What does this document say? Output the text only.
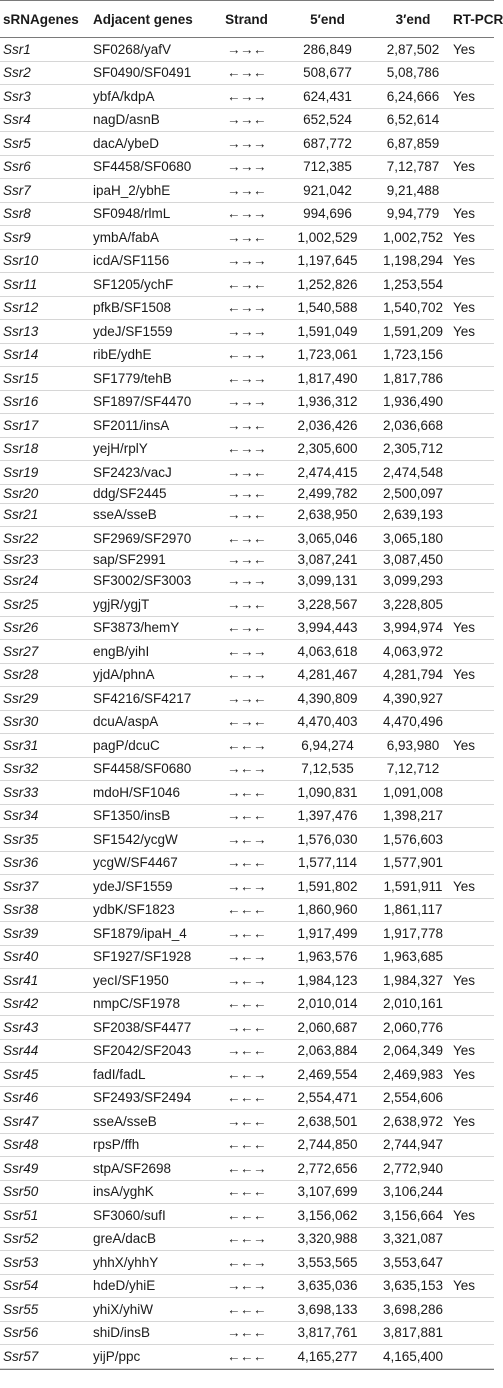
sRNAgenes	Adjacent genes	Strand	5′end	3′end	RT-PCR
Ssr1	SF0268/yafV	→→←	286,849	2,87,502	Yes
Ssr2	SF0490/SF0491	←→←	508,677	5,08,786
Ssr3	ybfA/kdpA	←→→	624,431	6,24,666	Yes
Ssr4	nagD/asnB	→→←	652,524	6,52,614
Ssr5	dacA/ybeD	→→→	687,772	6,87,859
Ssr6	SF4458/SF0680	→→→	712,385	7,12,787	Yes
Ssr7	ipaH_2/ybhE	→→←	921,042	9,21,488
Ssr8	SF0948/rlmL	←→→	994,696	9,94,779	Yes
Ssr9	ymbA/fabA	→→←	1,002,529	1,002,752 Yes
Ssr10	icdA/SF1156	→→→	1,197,645	1,198,294 Yes
Ssr11	SF1205/ychF	←→←	1,252,826	1,253,554
Ssr12	pfkB/SF1508	←→→	1,540,588	1,540,702 Yes
Ssr13	ydeJ/SF1559	→→→	1,591,049	1,591,209 Yes
Ssr14	ribE/ydhE	←→→	1,723,061	1,723,156
Ssr15	SF1779/tehB	←→→	1,817,490	1,817,786
Ssr16	SF1897/SF4470	→→→	1,936,312	1,936,490
Ssr17	SF2011/insA	→→←	2,036,426	2,036,668
Ssr18	yejH/rplY	←→→	2,305,600	2,305,712
Ssr19	SF2423/vacJ	→→←	2,474,415	2,474,548
Ssr20	ddg/SF2445	→→←	2,499,782	2,500,097
Ssr21	sseA/sseB	→→←	2,638,950	2,639,193
Ssr22	SF2969/SF2970	←→←	3,065,046	3,065,180
Ssr23	sap/SF2991	→→←	3,087,241	3,087,450
Ssr24	SF3002/SF3003	→→→	3,099,131	3,099,293
Ssr25	ygjR/ygjT	→→←	3,228,567	3,228,805
Ssr26	SF3873/hemY	←→←	3,994,443	3,994,974 Yes
Ssr27	engB/yihI	←→→	4,063,618	4,063,972
Ssr28	yjdA/phnA	←→→	4,281,467	4,281,794 Yes
Ssr29	SF4216/SF4217	→→←	4,390,809	4,390,927
Ssr30	dcuA/aspA	←→←	4,470,403	4,470,496
Ssr31	pagP/dcuC	←←→	6,94,274	6,93,980	Yes
Ssr32	SF4458/SF0680	→←→	7,12,535	7,12,712
Ssr33	mdoH/SF1046	→←←	1,090,831	1,091,008
Ssr34	SF1350/insB	→←←	1,397,476	1,398,217
Ssr35	SF1542/ycgW	→←→	1,576,030	1,576,603
Ssr36	ycgW/SF4467	→←←	1,577,114	1,577,901
Ssr37	ydeJ/SF1559	→←→	1,591,802	1,591,911 Yes
Ssr38	ydbK/SF1823	←←←	1,860,960	1,861,117
Ssr39	SF1879/ipaH_4	→←←	1,917,499	1,917,778
Ssr40	SF1927/SF1928	→←→	1,963,576	1,963,685
Ssr41	yecI/SF1950	→←→	1,984,123	1,984,327 Yes
Ssr42	nmpC/SF1978	←←←	2,010,014	2,010,161
Ssr43	SF2038/SF4477	→←←	2,060,687	2,060,776
Ssr44	SF2042/SF2043	→←←	2,063,884	2,064,349 Yes
Ssr45	fadI/fadL	←←→	2,469,554	2,469,983 Yes
Ssr46	SF2493/SF2494	←←←	2,554,471	2,554,606
Ssr47	sseA/sseB	→←←	2,638,501	2,638,972 Yes
Ssr48	rpsP/ffh	←←←	2,744,850	2,744,947
Ssr49	stpA/SF2698	←←→	2,772,656	2,772,940
Ssr50	insA/yghK	←←←	3,107,699	3,106,244
Ssr51	SF3060/sufI	←←←	3,156,062	3,156,664 Yes
Ssr52	greA/dacB	←←→	3,320,988	3,321,087
Ssr53	yhhX/yhhY	←←→	3,553,565	3,553,647
Ssr54	hdeD/yhiE	→←→	3,635,036	3,635,153 Yes
Ssr55	yhiX/yhiW	←←←	3,698,133	3,698,286
Ssr56	shiD/insB	→←←	3,817,761	3,817,881
Ssr57	yijP/ppc	←←←	4,165,277	4,165,400
